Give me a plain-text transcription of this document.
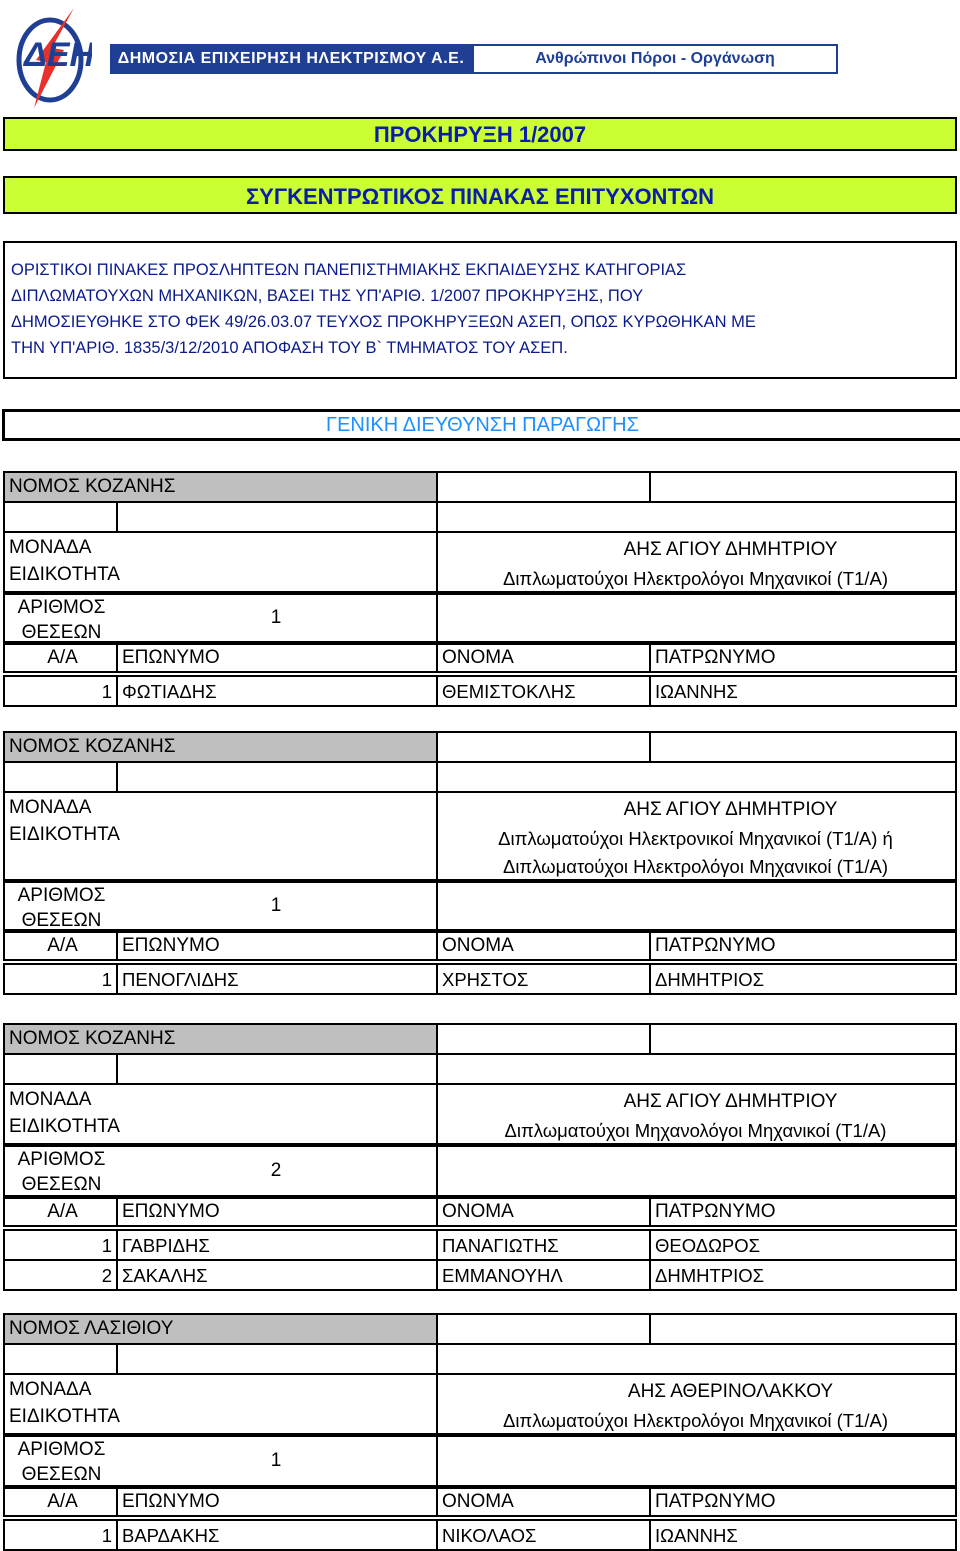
ΔΕΗ	ΔΗΜΟΣΙΑ ΕΠΙΧΕΙΡΗΣΗ ΗΛΕΚΤΡΙΣΜΟΥ Α.Ε.	Ανθρώπινοι Πόροι - Οργάνωση
ΠΡΟΚΗΡΥΞΗ 1/2007
ΣΥΓΚΕΝΤΡΩΤΙΚΟΣ ΠΙΝΑΚΑΣ ΕΠΙΤΥΧΟΝΤΩΝ
ΟΡΙΣΤΙΚΟΙ ΠΙΝΑΚΕΣ ΠΡΟΣΛΗΠΤΕΩΝ ΠΑΝΕΠΙΣΤΗΜΙΑΚΗΣ ΕΚΠΑΙΔΕΥΣΗΣ ΚΑΤΗΓΟΡΙΑΣ
ΔΙΠΛΩΜΑΤΟΥΧΩΝ ΜΗΧΑΝΙΚΩΝ, ΒΑΣΕΙ ΤΗΣ ΥΠ'ΑΡΙΘ. 1/2007 ΠΡΟΚΗΡΥΞΗΣ, ΠΟΥ
ΔΗΜΟΣΙΕΥΘΗΚΕ ΣΤΟ ΦΕΚ 49/26.03.07 ΤΕΥΧΟΣ ΠΡΟΚΗΡΥΞΕΩΝ ΑΣΕΠ, ΟΠΩΣ ΚΥΡΩΘΗΚΑΝ ΜΕ
ΤΗΝ ΥΠ'ΑΡΙΘ. 1835/3/12/2010 ΑΠΟΦΑΣΗ ΤΟΥ Β` ΤΜΗΜΑΤΟΣ ΤΟΥ ΑΣΕΠ.
ΓΕΝΙΚΗ ΔΙΕΥΘΥΝΣΗ ΠΑΡΑΓΩΓΗΣ
ΝΟΜΟΣ ΚΟΖΑΝΗΣ
ΜΟΝΑΔΑ	ΑΗΣ ΑΓΙΟΥ ΔΗΜΗΤΡΙΟΥ
ΕΙΔΙΚΟΤΗΤΑ	Διπλωματούχοι Ηλεκτρολόγοι Μηχανικοί (Τ1/Α)
ΑΡΙΘΜΟΣ
ΘΕΣΕΩΝ
1
Α/Α	ΕΠΩΝΥΜΟ	ΟΝΟΜΑ	ΠΑΤΡΩΝΥΜΟ
1 ΦΩΤΙΑΔΗΣ	ΘΕΜΙΣΤΟΚΛΗΣ	ΙΩΑΝΝΗΣ
ΝΟΜΟΣ ΚΟΖΑΝΗΣ
ΜΟΝΑΔΑ	ΑΗΣ ΑΓΙΟΥ ΔΗΜΗΤΡΙΟΥ
ΕΙΔΙΚΟΤΗΤΑ	Διπλωματούχοι Ηλεκτρονικοί Μηχανικοί (Τ1/Α) ή
Διπλωματούχοι Ηλεκτρολόγοι Μηχανικοί (Τ1/Α)
ΑΡΙΘΜΟΣ
ΘΕΣΕΩΝ
1
Α/Α	ΕΠΩΝΥΜΟ	ΟΝΟΜΑ	ΠΑΤΡΩΝΥΜΟ
1 ΠΕΝΟΓΛΙΔΗΣ	ΧΡΗΣΤΟΣ	ΔΗΜΗΤΡΙΟΣ
ΝΟΜΟΣ ΚΟΖΑΝΗΣ
ΜΟΝΑΔΑ	ΑΗΣ ΑΓΙΟΥ ΔΗΜΗΤΡΙΟΥ
ΕΙΔΙΚΟΤΗΤΑ	Διπλωματούχοι Μηχανολόγοι Μηχανικοί (Τ1/Α)
ΑΡΙΘΜΟΣ
ΘΕΣΕΩΝ
2
Α/Α	ΕΠΩΝΥΜΟ	ΟΝΟΜΑ	ΠΑΤΡΩΝΥΜΟ
1 ΓΑΒΡΙΔΗΣ	ΠΑΝΑΓΙΩΤΗΣ	ΘΕΟΔΩΡΟΣ
2 ΣΑΚΑΛΗΣ	ΕΜΜΑΝΟΥΗΛ	ΔΗΜΗΤΡΙΟΣ
ΝΟΜΟΣ ΛΑΣΙΘΙΟΥ
ΜΟΝΑΔΑ	ΑΗΣ ΑΘΕΡΙΝΟΛΑΚΚΟΥ
ΕΙΔΙΚΟΤΗΤΑ	Διπλωματούχοι Ηλεκτρολόγοι Μηχανικοί (Τ1/Α)
ΑΡΙΘΜΟΣ
ΘΕΣΕΩΝ
1
Α/Α	ΕΠΩΝΥΜΟ	ΟΝΟΜΑ	ΠΑΤΡΩΝΥΜΟ
1 ΒΑΡΔΑΚΗΣ	ΝΙΚΟΛΑΟΣ	ΙΩΑΝΝΗΣ
